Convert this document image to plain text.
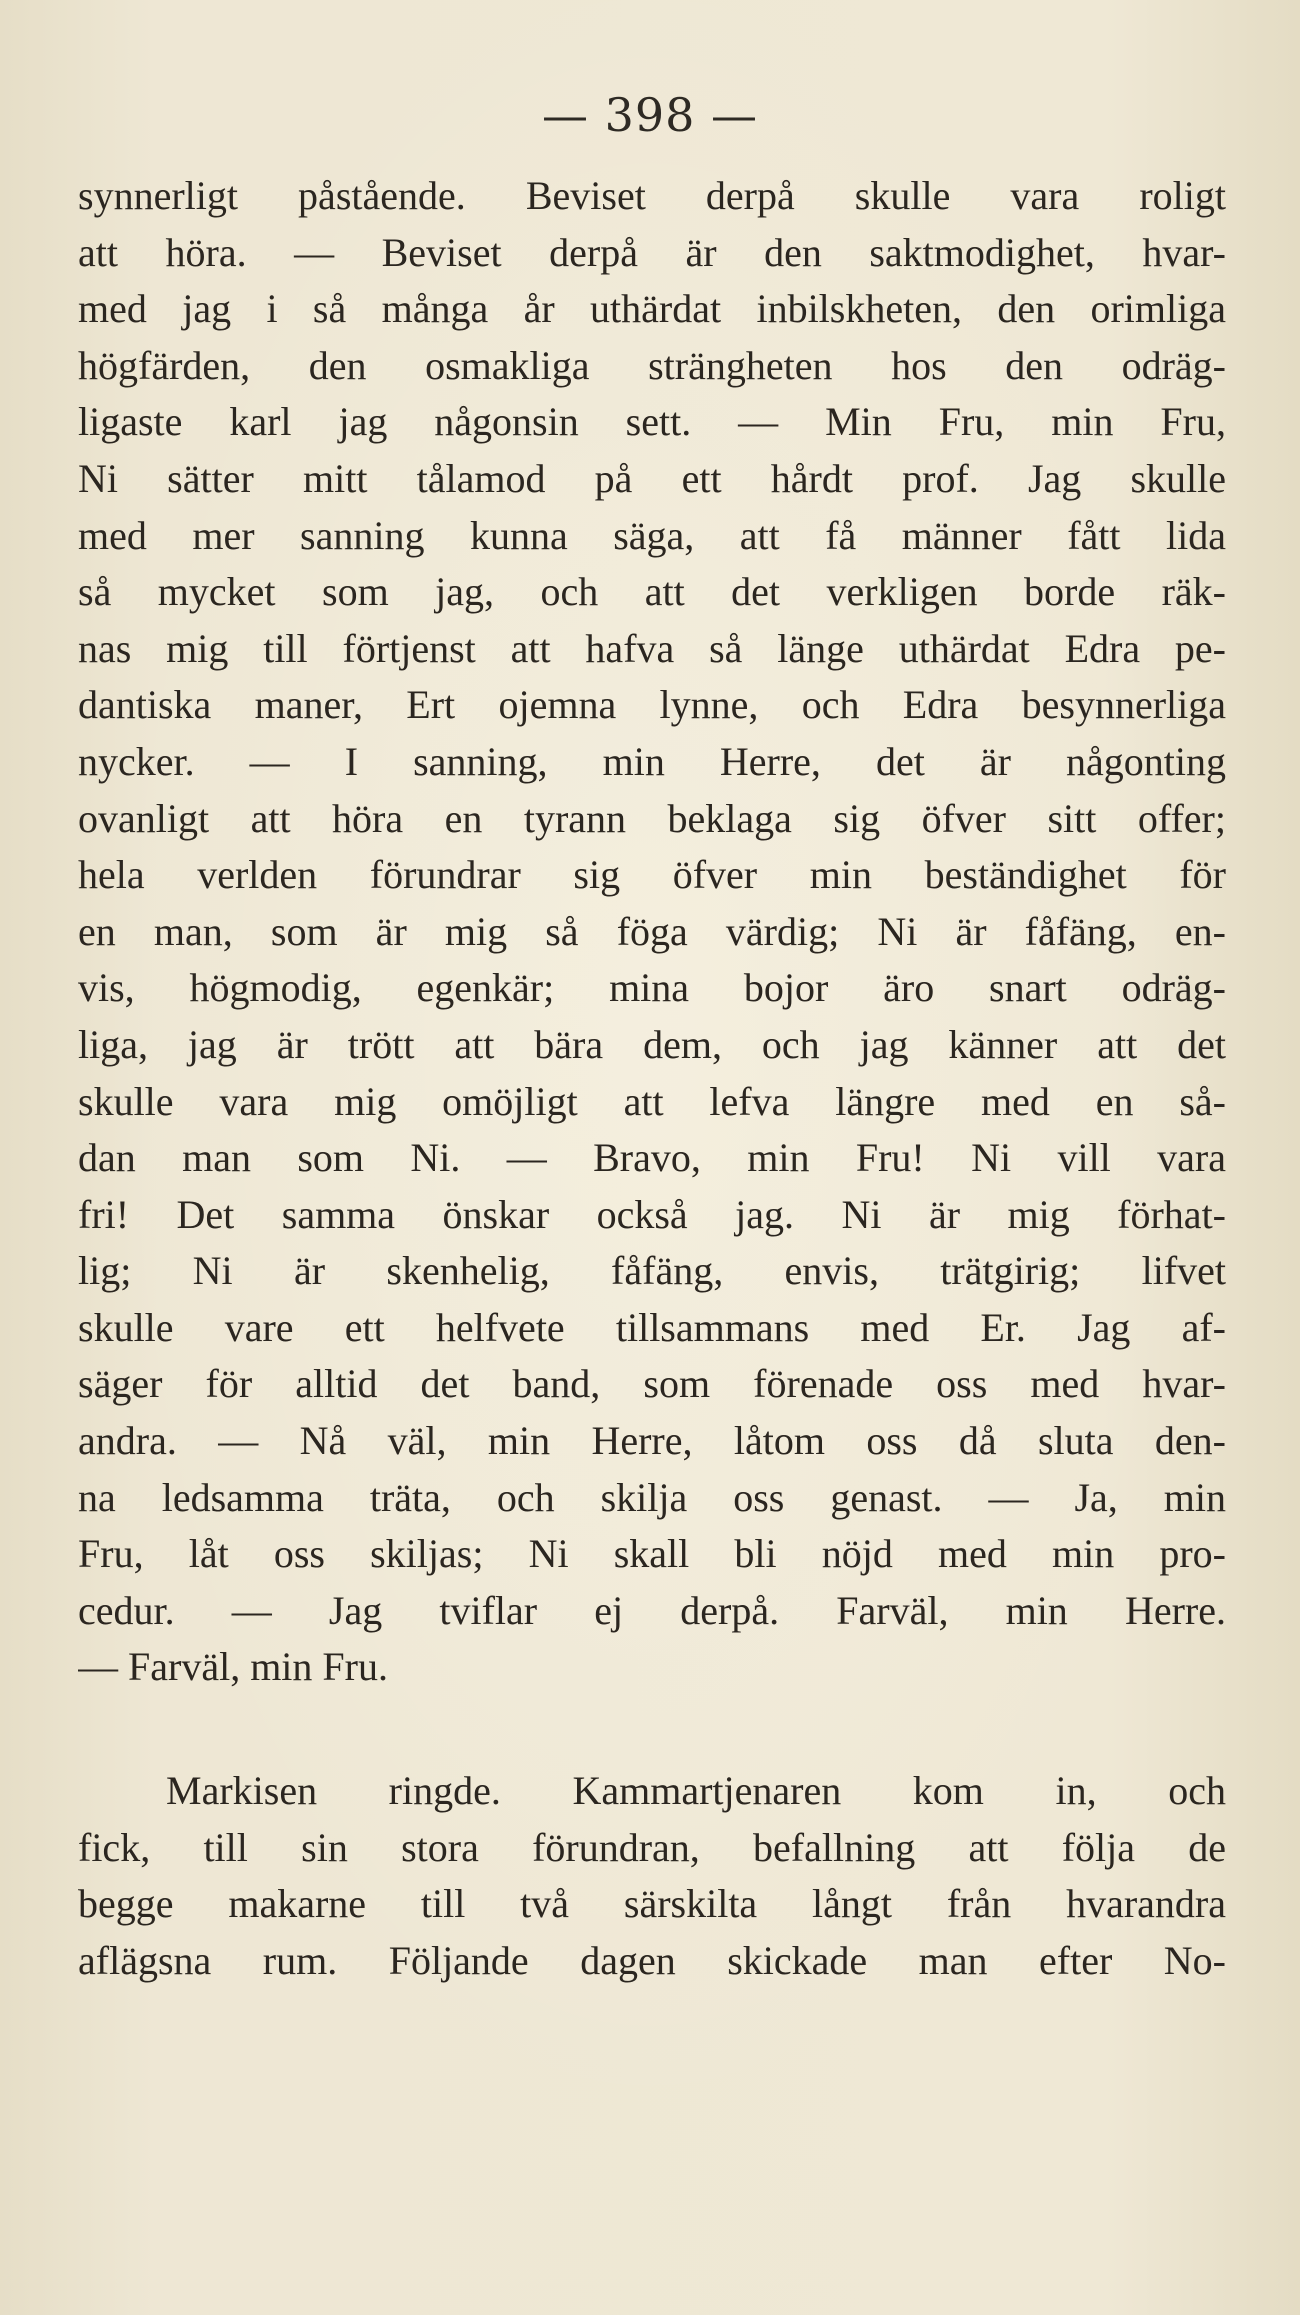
— 398 —
synnerligt påstående. Beviset derpå skulle vara roligt
att höra. — Beviset derpå är den saktmodighet, hvar-
med jag i så många år uthärdat inbilskheten, den orimliga
högfärden, den osmakliga strängheten hos den odräg-
ligaste karl jag någonsin sett. — Min Fru, min Fru,
Ni sätter mitt tålamod på ett hårdt prof. Jag skulle
med mer sanning kunna säga, att få männer fått lida
så mycket som jag, och att det verkligen borde räk-
nas mig till förtjenst att hafva så länge uthärdat Edra pe-
dantiska maner, Ert ojemna lynne, och Edra besynnerliga
nycker. — I sanning, min Herre, det är någonting
ovanligt att höra en tyrann beklaga sig öfver sitt offer;
hela verlden förundrar sig öfver min beständighet för
en man, som är mig så föga värdig; Ni är fåfäng, en-
vis, högmodig, egenkär; mina bojor äro snart odräg-
liga, jag är trött att bära dem, och jag känner att det
skulle vara mig omöjligt att lefva längre med en så-
dan man som Ni. — Bravo, min Fru! Ni vill vara
fri! Det samma önskar också jag. Ni är mig förhat-
lig; Ni är skenhelig, fåfäng, envis, trätgirig; lifvet
skulle vare ett helfvete tillsammans med Er. Jag af-
säger för alltid det band, som förenade oss med hvar-
andra. — Nå väl, min Herre, låtom oss då sluta den-
na ledsamma träta, och skilja oss genast. — Ja, min
Fru, låt oss skiljas; Ni skall bli nöjd med min pro-
cedur. — Jag tviflar ej derpå. Farväl, min Herre.
— Farväl, min Fru.
Markisen ringde. Kammartjenaren kom in, och
fick, till sin stora förundran, befallning att följa de
begge makarne till två särskilta långt från hvarandra
aflägsna rum. Följande dagen skickade man efter No-
